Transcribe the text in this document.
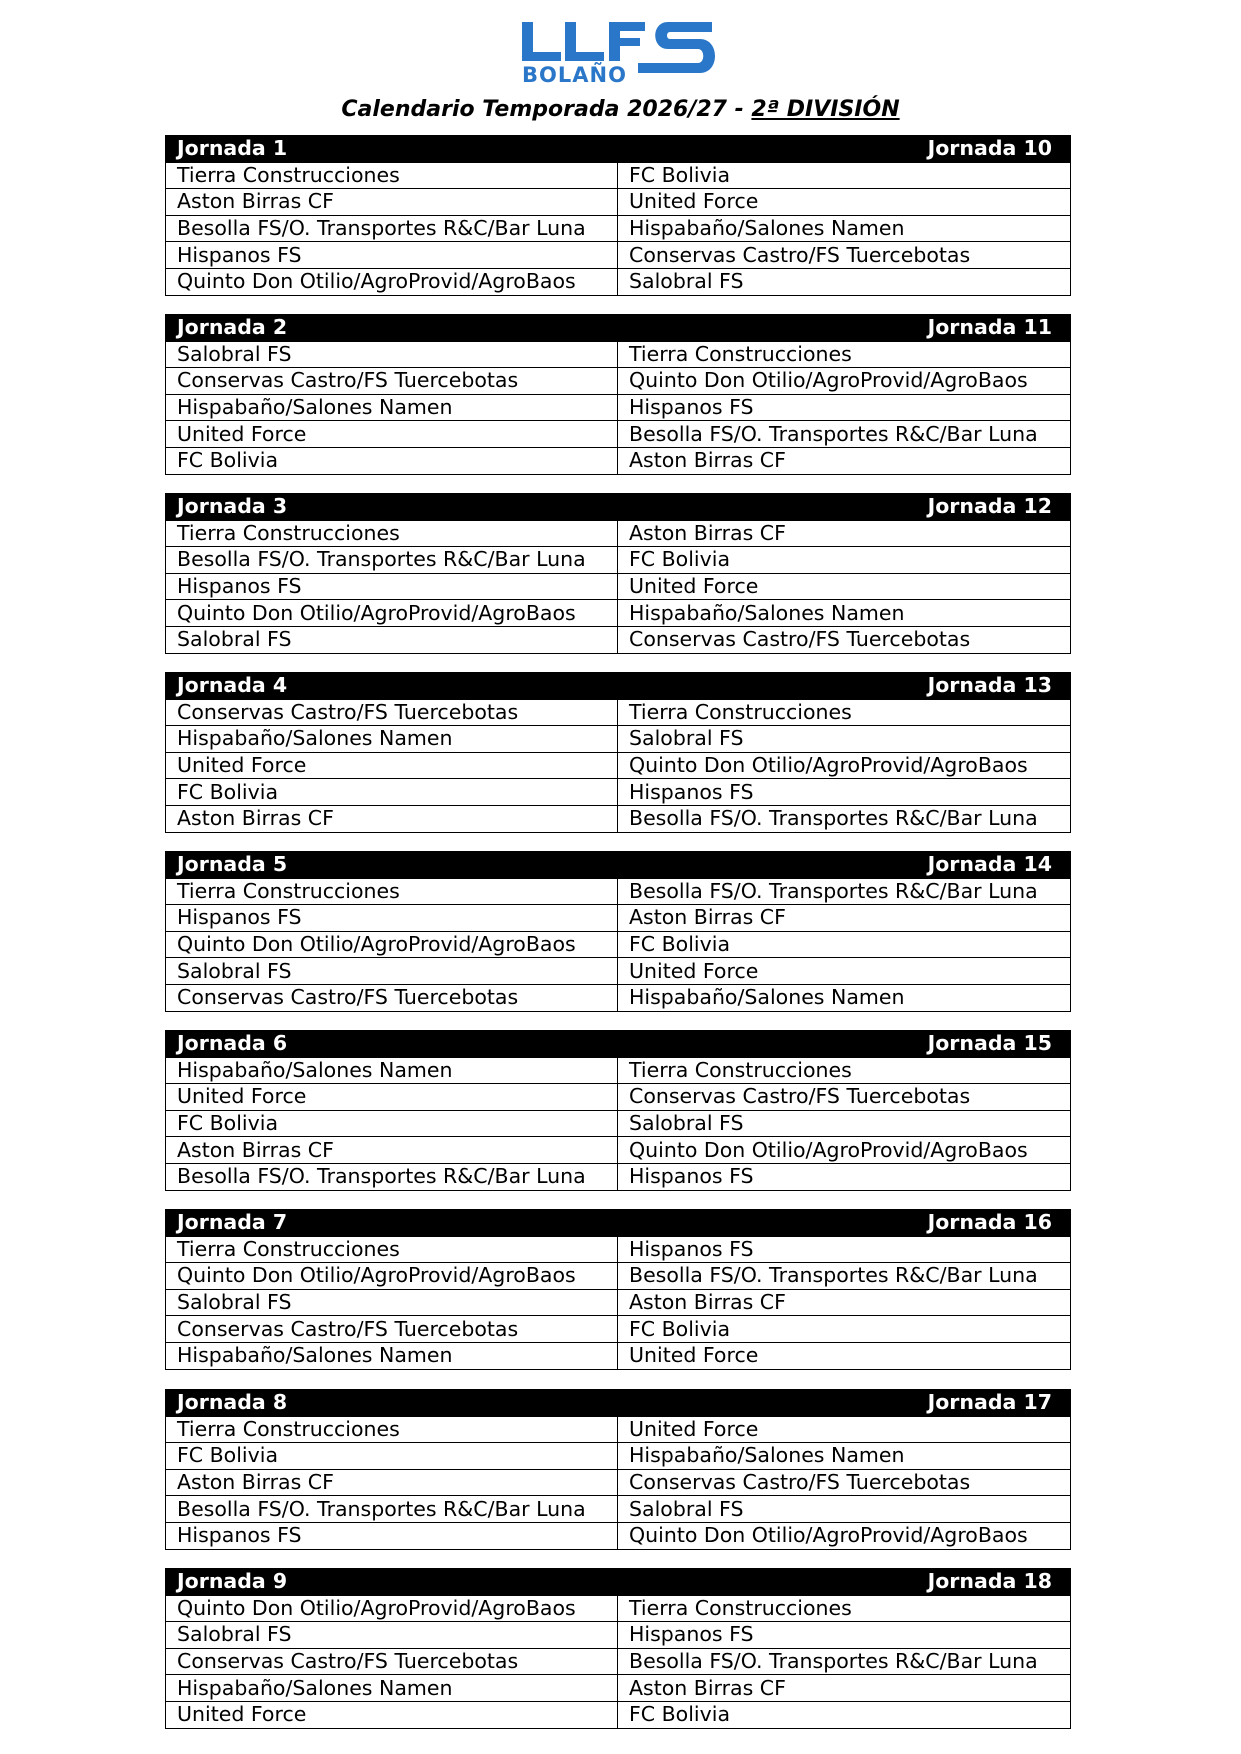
BOLAÑO
Calendario Temporada 2026/27 - 2ª DIVISIÓN
Jornada 1 Jornada 10	

Tierra Construcciones	FC Bolivia
Aston Birras CF	United Force
Besolla FS/O. Transportes R&C/Bar Luna	Hispabaño/Salones Namen
Hispanos FS	Conservas Castro/FS Tuercebotas
Quinto Don Otilio/AgroProvid/AgroBaos	Salobral FS
Jornada 2 Jornada 11	

Salobral FS	Tierra Construcciones
Conservas Castro/FS Tuercebotas	Quinto Don Otilio/AgroProvid/AgroBaos
Hispabaño/Salones Namen	Hispanos FS
United Force	Besolla FS/O. Transportes R&C/Bar Luna
FC Bolivia	Aston Birras CF
Jornada 3 Jornada 12	

Tierra Construcciones	Aston Birras CF
Besolla FS/O. Transportes R&C/Bar Luna	FC Bolivia
Hispanos FS	United Force
Quinto Don Otilio/AgroProvid/AgroBaos	Hispabaño/Salones Namen
Salobral FS	Conservas Castro/FS Tuercebotas
Jornada 4 Jornada 13	

Conservas Castro/FS Tuercebotas	Tierra Construcciones
Hispabaño/Salones Namen	Salobral FS
United Force	Quinto Don Otilio/AgroProvid/AgroBaos
FC Bolivia	Hispanos FS
Aston Birras CF	Besolla FS/O. Transportes R&C/Bar Luna
Jornada 5 Jornada 14	

Tierra Construcciones	Besolla FS/O. Transportes R&C/Bar Luna
Hispanos FS	Aston Birras CF
Quinto Don Otilio/AgroProvid/AgroBaos	FC Bolivia
Salobral FS	United Force
Conservas Castro/FS Tuercebotas	Hispabaño/Salones Namen
Jornada 6 Jornada 15	

Hispabaño/Salones Namen	Tierra Construcciones
United Force	Conservas Castro/FS Tuercebotas
FC Bolivia	Salobral FS
Aston Birras CF	Quinto Don Otilio/AgroProvid/AgroBaos
Besolla FS/O. Transportes R&C/Bar Luna	Hispanos FS
Jornada 7 Jornada 16	

Tierra Construcciones	Hispanos FS
Quinto Don Otilio/AgroProvid/AgroBaos	Besolla FS/O. Transportes R&C/Bar Luna
Salobral FS	Aston Birras CF
Conservas Castro/FS Tuercebotas	FC Bolivia
Hispabaño/Salones Namen	United Force
Jornada 8 Jornada 17	

Tierra Construcciones	United Force
FC Bolivia	Hispabaño/Salones Namen
Aston Birras CF	Conservas Castro/FS Tuercebotas
Besolla FS/O. Transportes R&C/Bar Luna	Salobral FS
Hispanos FS	Quinto Don Otilio/AgroProvid/AgroBaos
Jornada 9 Jornada 18	

Quinto Don Otilio/AgroProvid/AgroBaos	Tierra Construcciones
Salobral FS	Hispanos FS
Conservas Castro/FS Tuercebotas	Besolla FS/O. Transportes R&C/Bar Luna
Hispabaño/Salones Namen	Aston Birras CF
United Force	FC Bolivia
